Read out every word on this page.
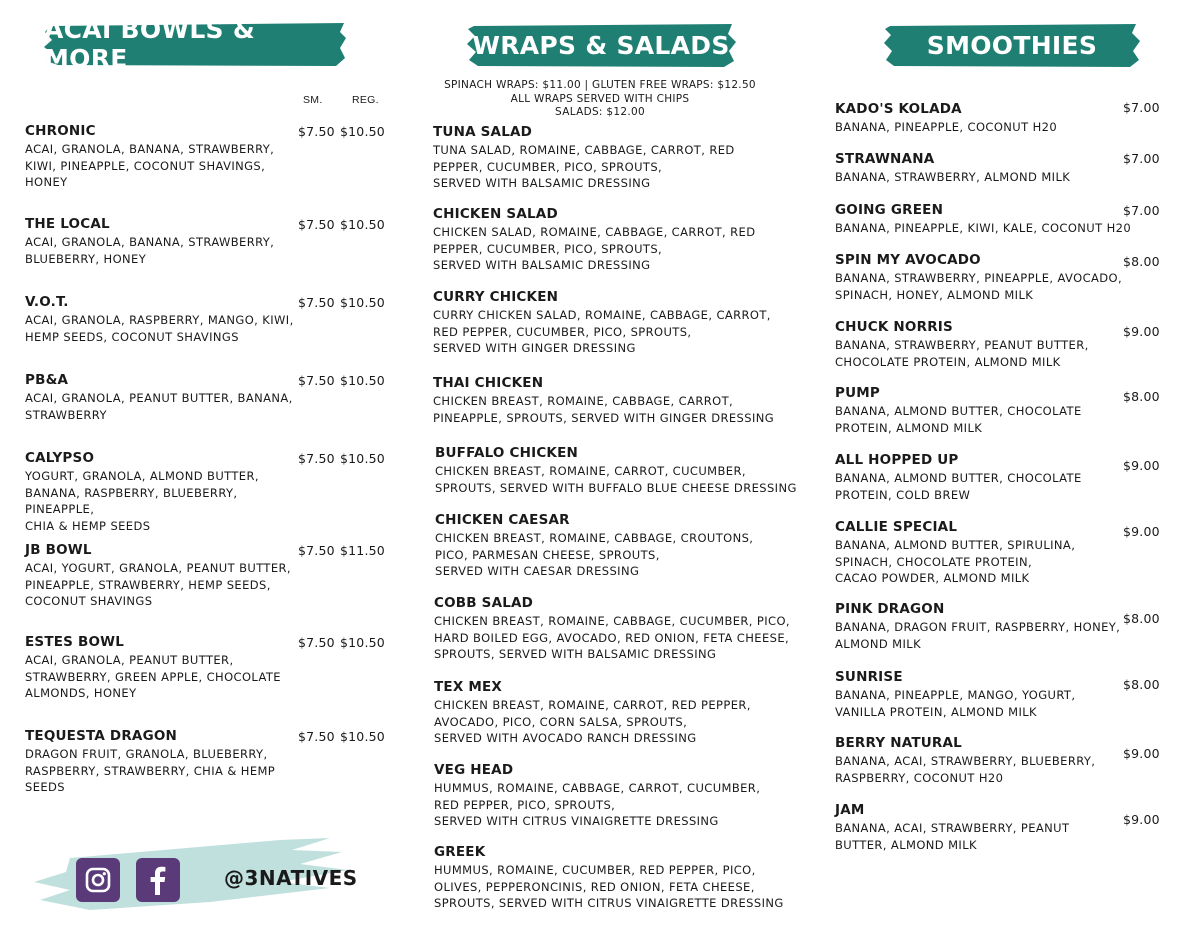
ACAI BOWLS & MORE	WRAPS & SALADS	SMOOTHIES
SM.	REG.
CHRONIC
ACAI, GRANOLA, BANANA, STRAWBERRY,
KIWI, PINEAPPLE, COCONUT SHAVINGS,
HONEY
$7.50 $10.50
THE LOCAL
ACAI, GRANOLA, BANANA, STRAWBERRY,
BLUEBERRY, HONEY
$7.50 $10.50
V.O.T.
ACAI, GRANOLA, RASPBERRY, MANGO, KIWI,
HEMP SEEDS, COCONUT SHAVINGS
$7.50 $10.50
PB&A
ACAI, GRANOLA, PEANUT BUTTER, BANANA,
STRAWBERRY
$7.50 $10.50
CALYPSO
YOGURT, GRANOLA, ALMOND BUTTER,
BANANA, RASPBERRY, BLUEBERRY, PINEAPPLE,
CHIA & HEMP SEEDS
$7.50 $10.50
JB BOWL
ACAI, YOGURT, GRANOLA, PEANUT BUTTER,
PINEAPPLE, STRAWBERRY, HEMP SEEDS,
COCONUT SHAVINGS
$7.50 $11.50
ESTES BOWL
ACAI, GRANOLA, PEANUT BUTTER,
STRAWBERRY, GREEN APPLE, CHOCOLATE
ALMONDS, HONEY
$7.50 $10.50
TEQUESTA DRAGON
DRAGON FRUIT, GRANOLA, BLUEBERRY,
RASPBERRY, STRAWBERRY, CHIA & HEMP
SEEDS
$7.50 $10.50
SPINACH WRAPS: $11.00 | GLUTEN FREE WRAPS: $12.50
ALL WRAPS SERVED WITH CHIPS
SALADS: $12.00
TUNA SALAD
TUNA SALAD, ROMAINE, CABBAGE, CARROT, RED
PEPPER, CUCUMBER, PICO, SPROUTS,
SERVED WITH BALSAMIC DRESSING
CHICKEN SALAD
CHICKEN SALAD, ROMAINE, CABBAGE, CARROT, RED
PEPPER, CUCUMBER, PICO, SPROUTS,
SERVED WITH BALSAMIC DRESSING
CURRY CHICKEN
CURRY CHICKEN SALAD, ROMAINE, CABBAGE, CARROT,
RED PEPPER, CUCUMBER, PICO, SPROUTS,
SERVED WITH GINGER DRESSING
THAI CHICKEN
CHICKEN BREAST, ROMAINE, CABBAGE, CARROT,
PINEAPPLE, SPROUTS, SERVED WITH GINGER DRESSING
BUFFALO CHICKEN
CHICKEN BREAST, ROMAINE, CARROT, CUCUMBER,
SPROUTS, SERVED WITH BUFFALO BLUE CHEESE DRESSING
CHICKEN CAESAR
CHICKEN BREAST, ROMAINE, CABBAGE, CROUTONS,
PICO, PARMESAN CHEESE, SPROUTS,
SERVED WITH CAESAR DRESSING
COBB SALAD
CHICKEN BREAST, ROMAINE, CABBAGE, CUCUMBER, PICO,
HARD BOILED EGG, AVOCADO, RED ONION, FETA CHEESE,
SPROUTS, SERVED WITH BALSAMIC DRESSING
TEX MEX
CHICKEN BREAST, ROMAINE, CARROT, RED PEPPER,
AVOCADO, PICO, CORN SALSA, SPROUTS,
SERVED WITH AVOCADO RANCH DRESSING
VEG HEAD
HUMMUS, ROMAINE, CABBAGE, CARROT, CUCUMBER,
RED PEPPER, PICO, SPROUTS,
SERVED WITH CITRUS VINAIGRETTE DRESSING
GREEK
HUMMUS, ROMAINE, CUCUMBER, RED PEPPER, PICO,
OLIVES, PEPPERONCINIS, RED ONION, FETA CHEESE,
SPROUTS, SERVED WITH CITRUS VINAIGRETTE DRESSING
KADO'S KOLADA
BANANA, PINEAPPLE, COCONUT H20
$7.00
STRAWNANA
BANANA, STRAWBERRY, ALMOND MILK
$7.00
GOING GREEN
BANANA, PINEAPPLE, KIWI, KALE, COCONUT H20
$7.00
SPIN MY AVOCADO
BANANA, STRAWBERRY, PINEAPPLE, AVOCADO,
SPINACH, HONEY, ALMOND MILK
$8.00
CHUCK NORRIS
BANANA, STRAWBERRY, PEANUT BUTTER,
CHOCOLATE PROTEIN, ALMOND MILK
$9.00
PUMP
BANANA, ALMOND BUTTER, CHOCOLATE
PROTEIN, ALMOND MILK
$8.00
ALL HOPPED UP
BANANA, ALMOND BUTTER, CHOCOLATE
PROTEIN, COLD BREW
$9.00
CALLIE SPECIAL
BANANA, ALMOND BUTTER, SPIRULINA,
SPINACH, CHOCOLATE PROTEIN,
CACAO POWDER, ALMOND MILK
$9.00
PINK DRAGON
BANANA, DRAGON FRUIT, RASPBERRY, HONEY,
ALMOND MILK
$8.00
SUNRISE
BANANA, PINEAPPLE, MANGO, YOGURT,
VANILLA PROTEIN, ALMOND MILK
$8.00
BERRY NATURAL
BANANA, ACAI, STRAWBERRY, BLUEBERRY,
RASPBERRY, COCONUT H20
$9.00
JAM
BANANA, ACAI, STRAWBERRY, PEANUT
BUTTER, ALMOND MILK
$9.00
@3NATIVES
